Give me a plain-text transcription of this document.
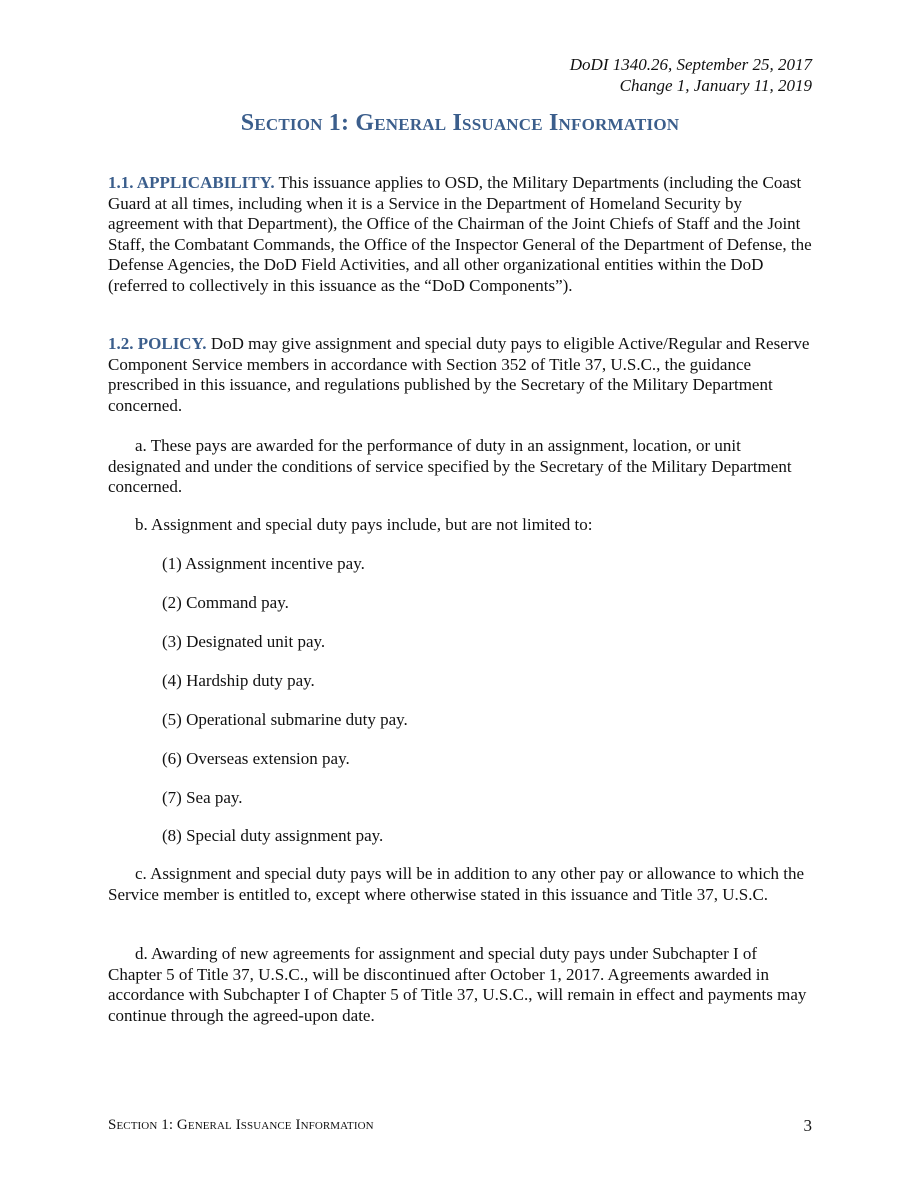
DoDI 1340.26, September 25, 2017
Change 1, January 11, 2019
Section 1: General Issuance Information
1.1. APPLICABILITY. This issuance applies to OSD, the Military Departments (including the Coast Guard at all times, including when it is a Service in the Department of Homeland Security by agreement with that Department), the Office of the Chairman of the Joint Chiefs of Staff and the Joint Staff, the Combatant Commands, the Office of the Inspector General of the Department of Defense, the Defense Agencies, the DoD Field Activities, and all other organizational entities within the DoD (referred to collectively in this issuance as the “DoD Components”).
1.2. POLICY. DoD may give assignment and special duty pays to eligible Active/Regular and Reserve Component Service members in accordance with Section 352 of Title 37, U.S.C., the guidance prescribed in this issuance, and regulations published by the Secretary of the Military Department concerned.
a. These pays are awarded for the performance of duty in an assignment, location, or unit designated and under the conditions of service specified by the Secretary of the Military Department concerned.
b. Assignment and special duty pays include, but are not limited to:
(1) Assignment incentive pay.
(2) Command pay.
(3) Designated unit pay.
(4) Hardship duty pay.
(5) Operational submarine duty pay.
(6) Overseas extension pay.
(7) Sea pay.
(8) Special duty assignment pay.
c. Assignment and special duty pays will be in addition to any other pay or allowance to which the Service member is entitled to, except where otherwise stated in this issuance and Title 37, U.S.C.
d. Awarding of new agreements for assignment and special duty pays under Subchapter I of Chapter 5 of Title 37, U.S.C., will be discontinued after October 1, 2017. Agreements awarded in accordance with Subchapter I of Chapter 5 of Title 37, U.S.C., will remain in effect and payments may continue through the agreed-upon date.
Section 1: General Issuance Information	3
